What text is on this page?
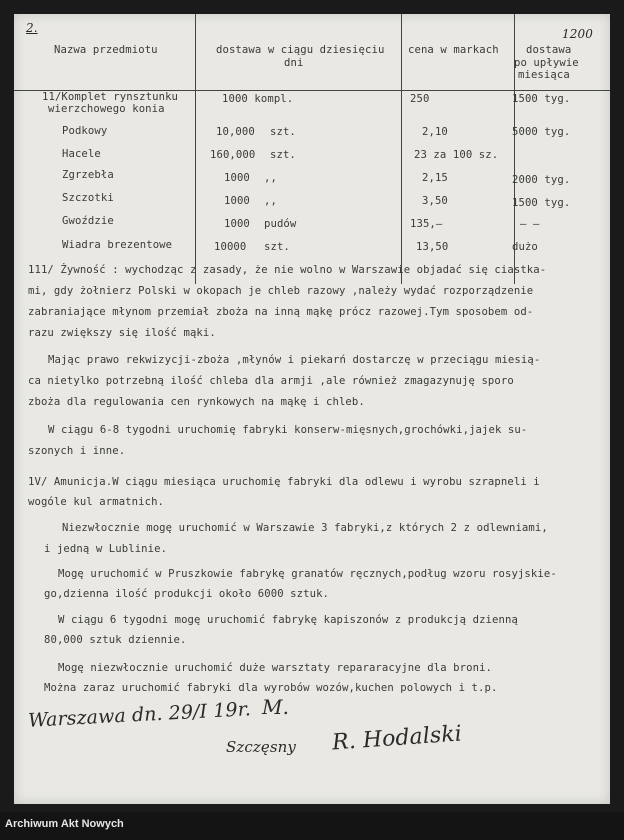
2.	1200
Nazwa przedmiotu	dostawa w ciągu dziesięciu
dni
cena w markach	dostawa
po upływie
miesiąca
11/Komplet rynsztunku
wierzchowego konia
1000 kompl.	250	1500 tyg.
Podkowy	10,000 szt.	2,10	5000 tyg.
Hacele	160,000 szt.	23 za 100 sz.
Zgrzebła	1000 ,,	2,15	2000 tyg.
Szczotki	1000 ,,	3,50	1500 tyg.
Gwoździe	1000 pudów	135,—	— —
Wiadra brezentowe	10000 szt.	13,50	dużo
111/ Żywność : wychodząc z zasady, że nie wolno w Warszawie objadać się ciastka-
mi, gdy żołnierz Polski w okopach je chleb razowy ,należy wydać rozporządzenie
zabraniające młynom przemiał zboża na inną mąkę prócz razowej.Tym sposobem od-
razu zwiększy się ilość mąki.
Mając prawo rekwizycji-zboża ,młynów i piekarń dostarczę w przeciągu miesią-
ca nietylko potrzebną ilość chleba dla armji ,ale również zmagazynuję sporo
zboża dla regulowania cen rynkowych na mąkę i chleb.
W ciągu 6-8 tygodni uruchomię fabryki konserw-mięsnych,grochówki,jajek su-
szonych i inne.
1V/ Amunicja.W ciągu miesiąca uruchomię fabryki dla odlewu i wyrobu szrapneli i
wogóle kul armatnich.
Niezwłocznie mogę uruchomić w Warszawie 3 fabryki,z których 2 z odlewniami,
i jedną w Lublinie.
Mogę uruchomić w Pruszkowie fabrykę granatów ręcznych,podług wzoru rosyjskie-
go,dzienna ilość produkcji około 6000 sztuk.
W ciągu 6 tygodni mogę uruchomić fabrykę kapiszonów z produkcją dzienną
80,000 sztuk dziennie.
Mogę niezwłocznie uruchomić duże warsztaty repararacyjne dla broni.
Można zaraz uruchomić fabryki dla wyrobów wozów,kuchen polowych i t.p.
Warszawa dn. 29/I 19r. M.
Szczęsny R. Hodalski
Archiwum Akt Nowych
